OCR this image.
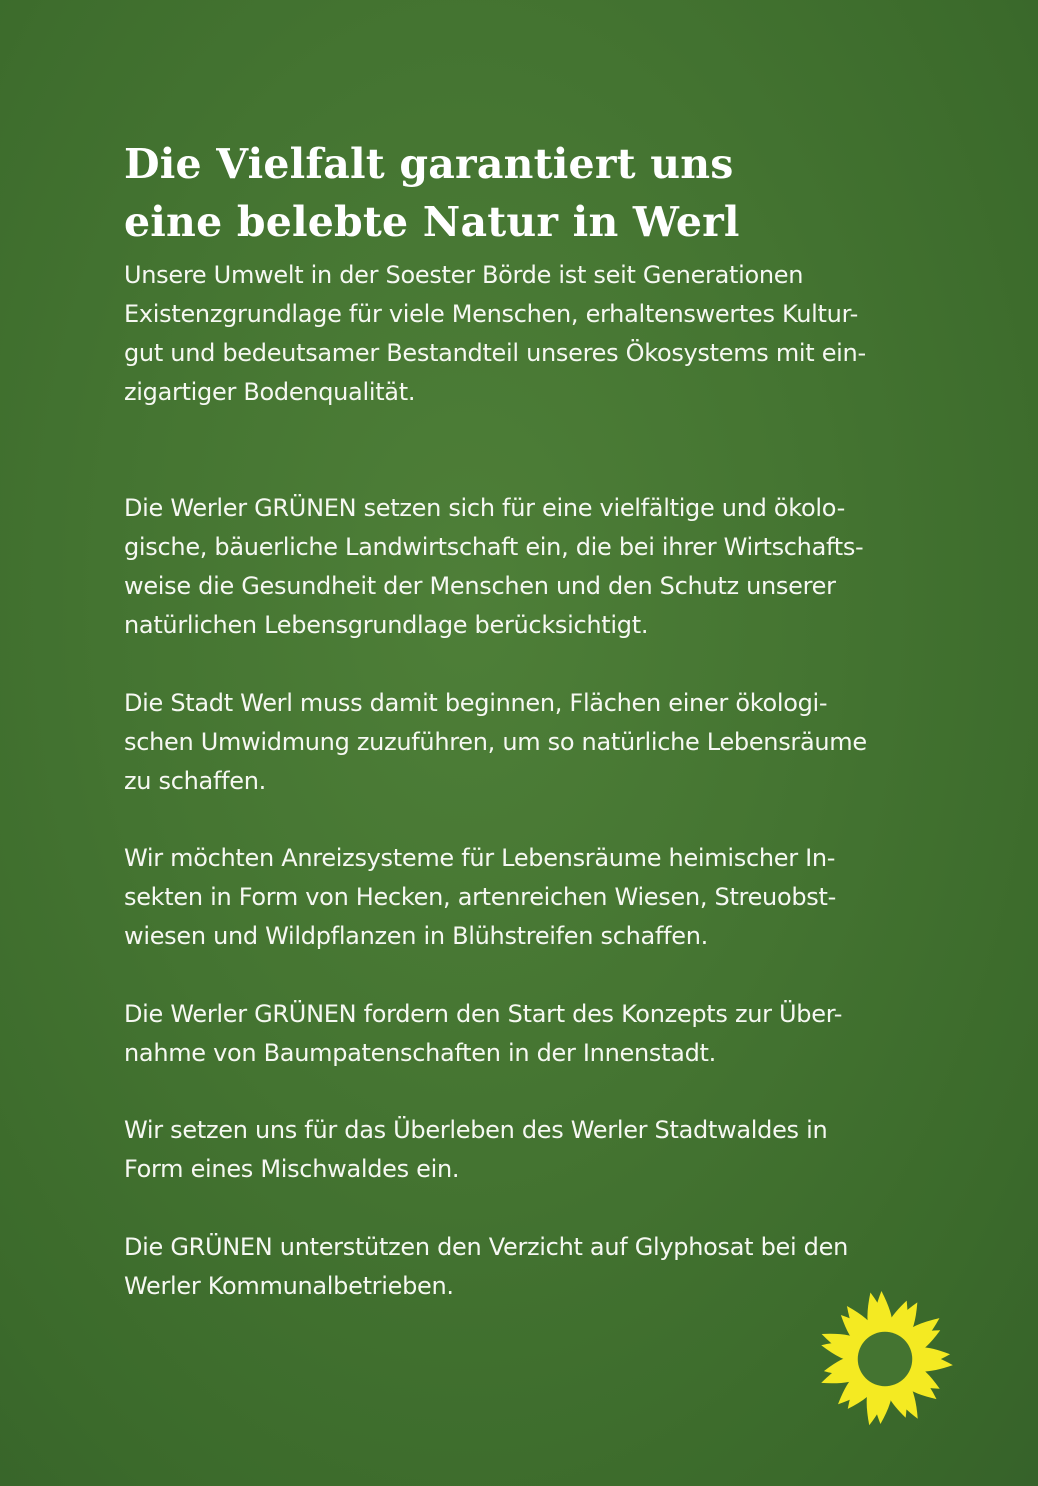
Die Vielfalt garantiert uns
eine belebte Natur in Werl
Unsere Umwelt in der Soester Börde ist seit Generationen
Existenzgrundlage für viele Menschen, erhaltenswertes Kultur-
gut und bedeutsamer Bestandteil unseres Ökosystems mit ein-
zigartiger Bodenqualität.
Die Werler GRÜNEN setzen sich für eine vielfältige und ökolo-
gische, bäuerliche Landwirtschaft ein, die bei ihrer Wirtschafts-
weise die Gesundheit der Menschen und den Schutz unserer
natürlichen Lebensgrundlage berücksichtigt.
Die Stadt Werl muss damit beginnen, Flächen einer ökologi-
schen Umwidmung zuzuführen, um so natürliche Lebensräume
zu schaffen.
Wir möchten Anreizsysteme für Lebensräume heimischer In-
sekten in Form von Hecken, artenreichen Wiesen, Streuobst-
wiesen und Wildpflanzen in Blühstreifen schaffen.
Die Werler GRÜNEN fordern den Start des Konzepts zur Über-
nahme von Baumpatenschaften in der Innenstadt.
Wir setzen uns für das Überleben des Werler Stadtwaldes in
Form eines Mischwaldes ein.
Die GRÜNEN unterstützen den Verzicht auf Glyphosat bei den
Werler Kommunalbetrieben.
